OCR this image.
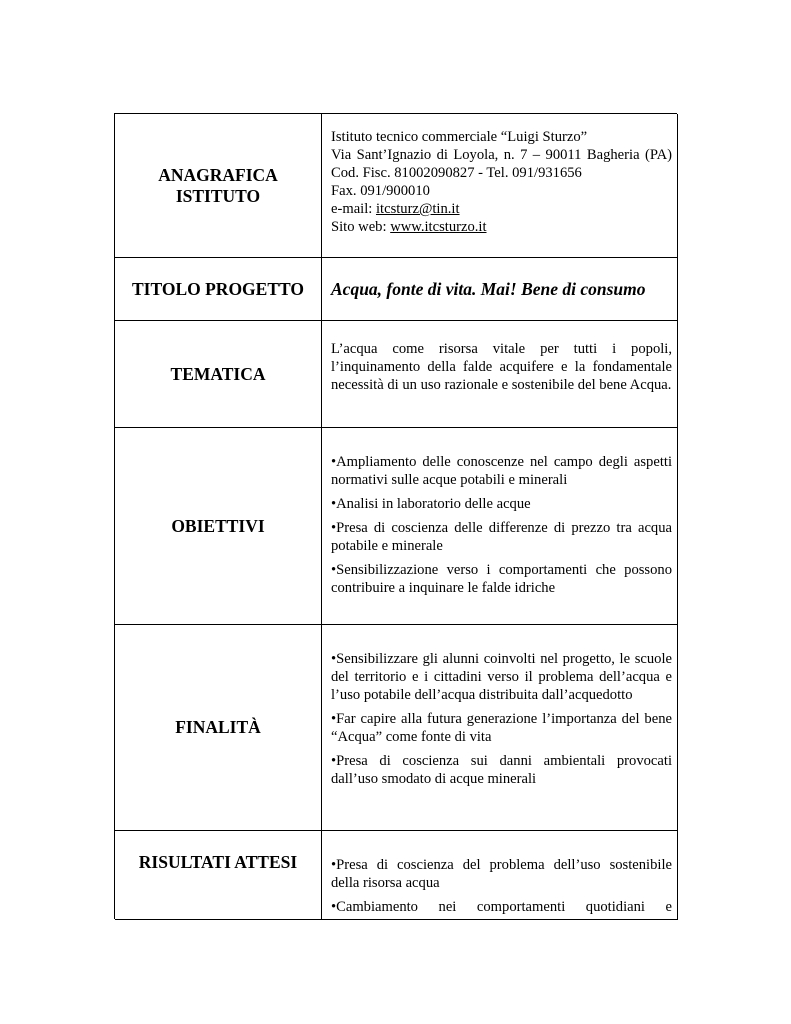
ANAGRAFICA
ISTITUTO
Istituto tecnico commerciale “Luigi Sturzo”
Via Sant’Ignazio di Loyola, n. 7 – 90011 Bagheria (PA) Cod. Fisc. 81002090827 - Tel. 091/931656
Fax. 091/900010
e-mail: itcsturz@tin.it
Sito web: www.itcsturzo.it
TITOLO PROGETTO	Acqua, fonte di vita. Mai! Bene di consumo
TEMATICA
L’acqua come risorsa vitale per tutti i popoli, l’inquinamento della falde acquifere e la fondamentale necessità di un uso razionale e sostenibile del bene Acqua.
OBIETTIVI

•Ampliamento delle conoscenze nel campo degli aspetti normativi sulle acque potabili e minerali

•Analisi in laboratorio delle acque

•Presa di coscienza delle differenze di prezzo tra acqua potabile e minerale

•Sensibilizzazione verso i comportamenti che possono contribuire a inquinare le falde idriche

FINALITÀ

•Sensibilizzare gli alunni coinvolti nel progetto, le scuole del territorio e i cittadini verso il problema dell’acqua e l’uso potabile dell’acqua distribuita dall’acquedotto

•Far capire alla futura generazione l’importanza del bene “Acqua” come fonte di vita

•Presa di coscienza sui danni ambientali provocati dall’uso smodato di acque minerali

RISULTATI ATTESI	•Presa di coscienza del problema dell’uso sostenibile della risorsa acqua

•Cambiamento nei comportamenti quotidiani e
